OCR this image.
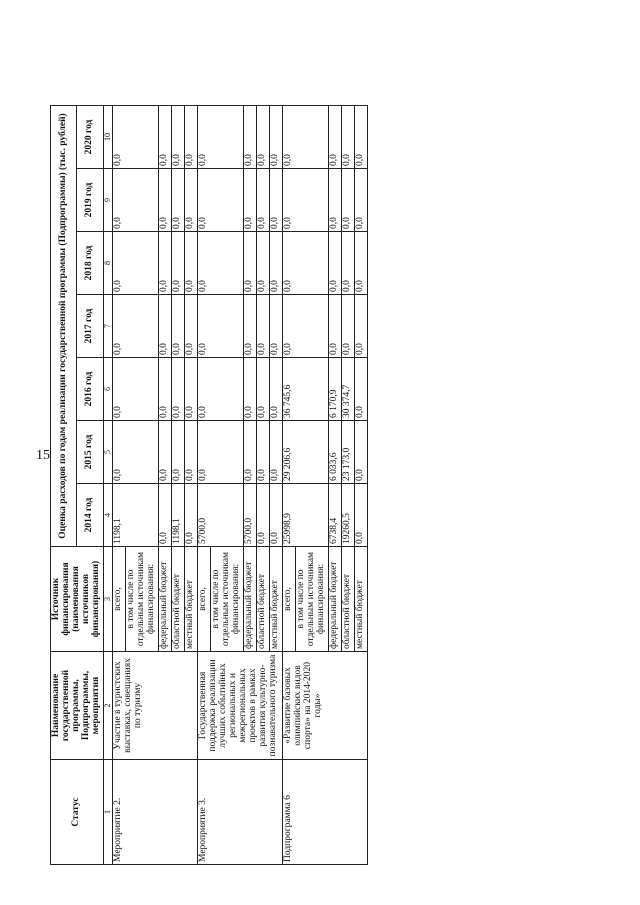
15
Статус	Наименование государственной программы, Подпрограммы, мероприятия	Источник финансирования (наименования источников финансирования)	Оценка расходов по годам реализации государственной программы (Подпрограммы) (тыс. рублей)						
			2014 год	2015 год	2016 год	2017 год	2018 год	2019 год	2020 год
1	2	3	4	5	6	7	8	9	10
Мероприятие 2.	Участие в туристских выставках, совещаниях по туризму	всего,	1198,1	0,0	0,0	0,0	0,0	0,0	0,0
		в том числе по отдельным источникам финансирования:							
		федеральный бюджет	0,0	0,0	0,0	0,0	0,0	0,0	0,0
		областной бюджет	1198,1	0,0	0,0	0,0	0,0	0,0	0,0
		местный бюджет	0,0	0,0	0,0	0,0	0,0	0,0	0,0
Мероприятие 3.	Государственная поддержка реализации лучших событийных региональных и межрегиональных проектов в рамках развития культурно-познавательного туризма	всего,	5700,0	0,0	0,0	0,0	0,0	0,0	0,0
		в том числе по отдельным источникам финансирования:							
		федеральный бюджет	5700,0	0,0	0,0	0,0	0,0	0,0	0,0
		областной бюджет	0,0	0,0	0,0	0,0	0,0	0,0	0,0
		местный бюджет	0,0	0,0	0,0	0,0	0,0	0,0	0,0
Подпрограмма 6	«Развитие базовых олимпийских видов спорта» на 2014-2020 годы»	всего,	25998,9	29 206,6	36 745,6	0,0	0,0	0,0	0,0
		в том числе по отдельным источникам финансирования:							
		федеральный бюджет	6738,4	6 033,6	6 170,9	0,0	0,0	0,0	0,0
		областной бюджет	19260,5	23 173,0	30 374,7	0,0	0,0	0,0	0,0
		местный бюджет	0,0	0,0	0,0	0,0	0,0	0,0	0,0
